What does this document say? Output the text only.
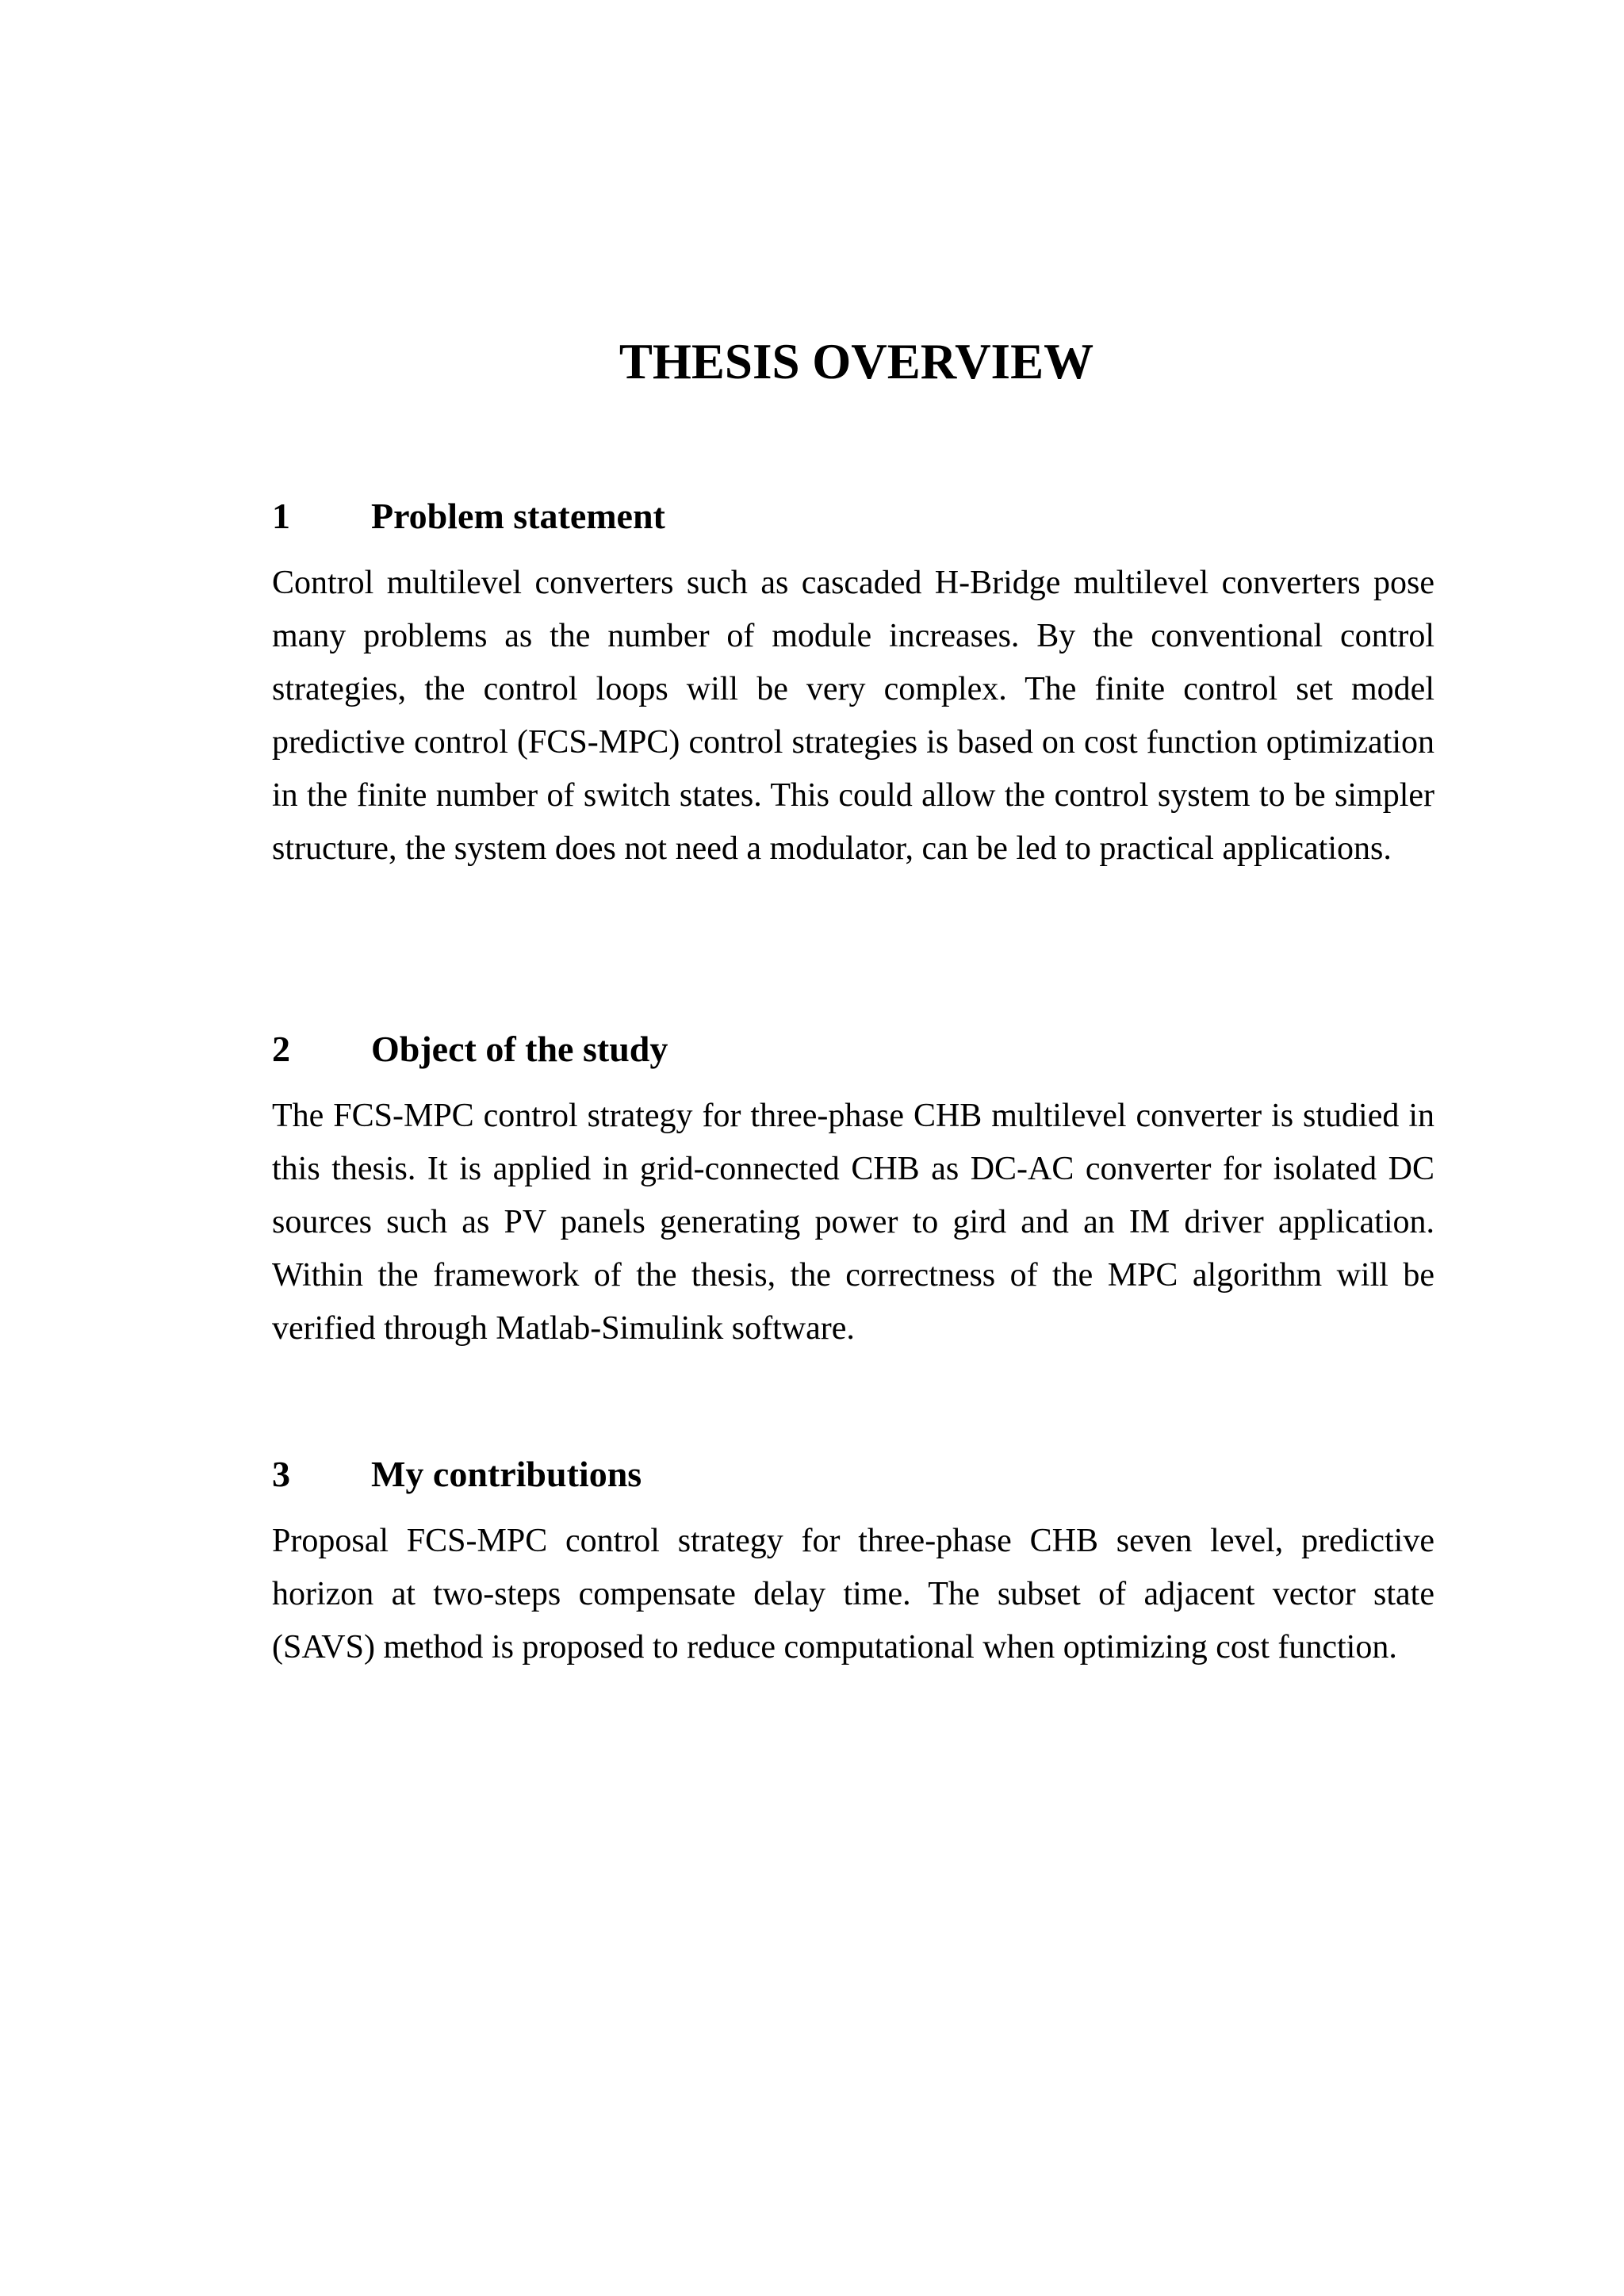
THESIS OVERVIEW
1	Problem statement

Control multilevel converters such as cascaded H-Bridge multilevel converters pose many problems as the number of module increases. By the conventional control strategies, the control loops will be very complex. The finite control set model predictive control (FCS-MPC) control strategies is based on cost function optimization in the finite number of switch states. This could allow the control system to be simpler structure, the system does not need a modulator, can be led to practical applications.

2	Object of the study

The FCS-MPC control strategy for three-phase CHB multilevel converter is studied in this thesis. It is applied in grid-connected CHB as DC-AC converter for isolated DC sources such as PV panels generating power to gird and an IM driver application. Within the framework of the thesis, the correctness of the MPC algorithm will be verified through Matlab-Simulink software.

3	My contributions

Proposal FCS-MPC control strategy for three-phase CHB seven level, predictive horizon at two-steps compensate delay time. The subset of adjacent vector state (SAVS) method is proposed to reduce computational when optimizing cost function.
